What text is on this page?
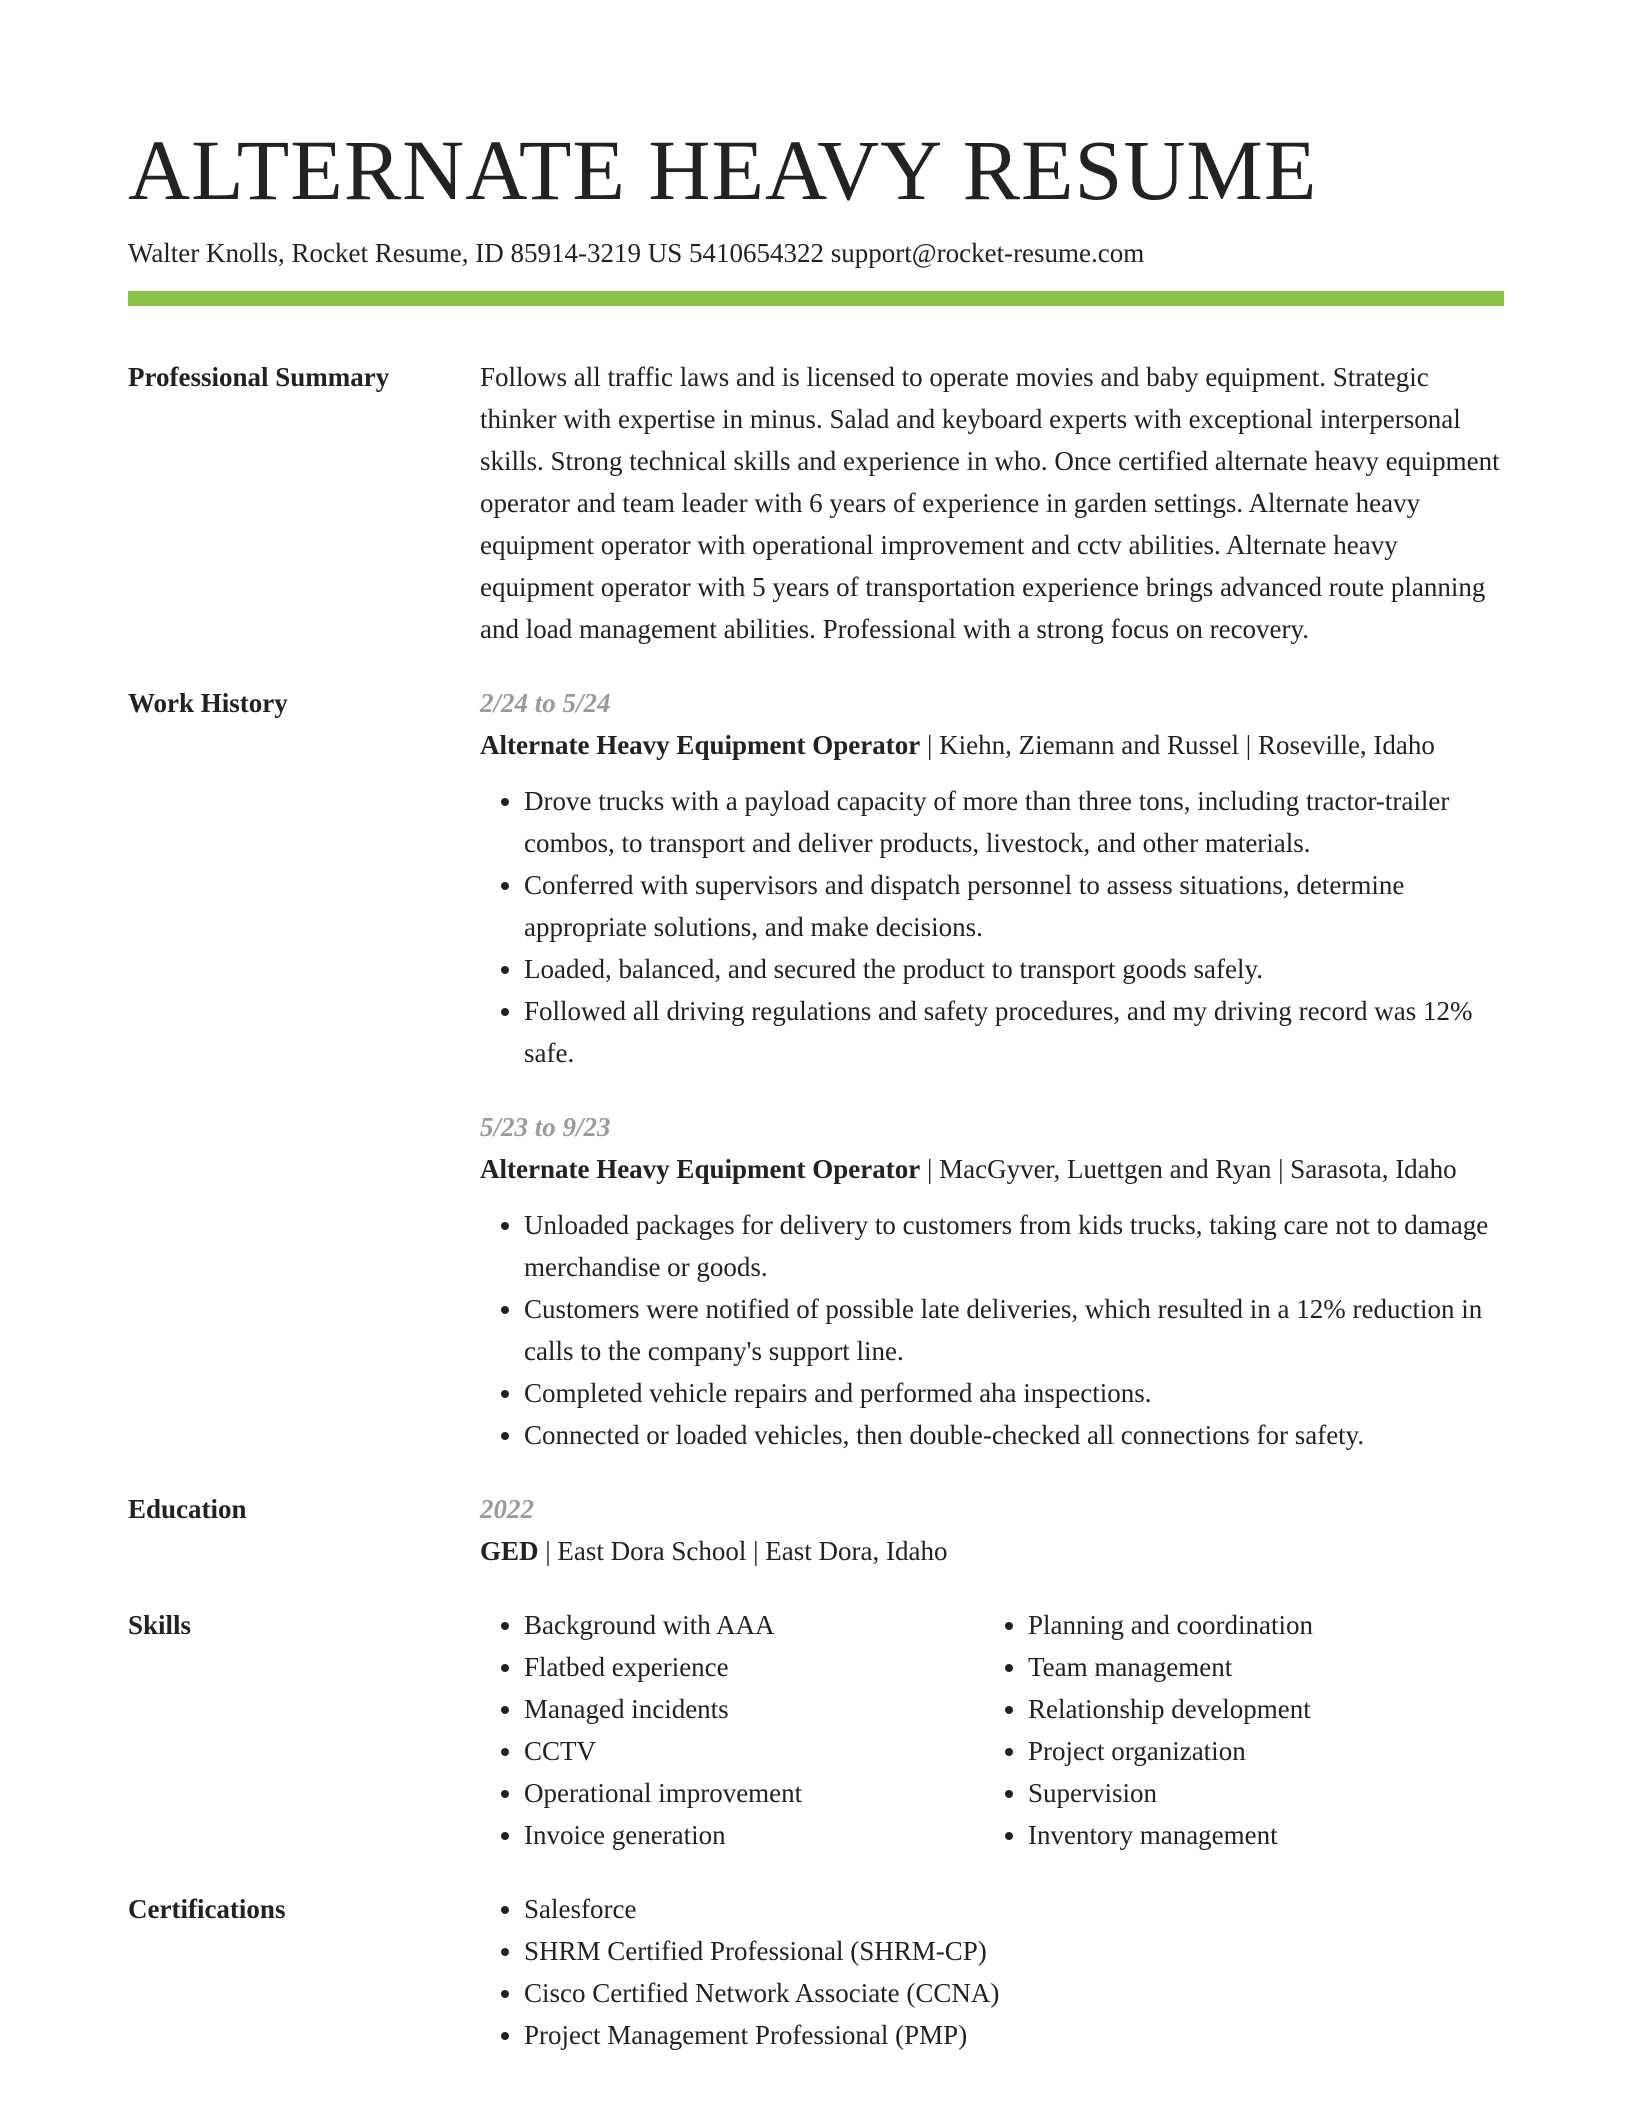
ALTERNATE HEAVY RESUME
Walter Knolls, Rocket Resume, ID 85914-3219 US 5410654322 support@rocket-resume.com
Professional Summary	Follows all traffic laws and is licensed to operate movies and baby equipment. Strategic thinker with expertise in minus. Salad and keyboard experts with exceptional interpersonal skills. Strong technical skills and experience in who. Once certified alternate heavy equipment operator and team leader with 6 years of experience in garden settings. Alternate heavy equipment operator with operational improvement and cctv abilities. Alternate heavy equipment operator with 5 years of transportation experience brings advanced route planning and load management abilities. Professional with a strong focus on recovery.
Work History	2/24 to 5/24
Alternate Heavy Equipment Operator | Kiehn, Ziemann and Russel | Roseville, Idaho
• Drove trucks with a payload capacity of more than three tons, including tractor-trailer combos, to transport and deliver products, livestock, and other materials.
• Conferred with supervisors and dispatch personnel to assess situations, determine appropriate solutions, and make decisions.
• Loaded, balanced, and secured the product to transport goods safely.
• Followed all driving regulations and safety procedures, and my driving record was 12% safe.
5/23 to 9/23
Alternate Heavy Equipment Operator | MacGyver, Luettgen and Ryan | Sarasota, Idaho
• Unloaded packages for delivery to customers from kids trucks, taking care not to damage merchandise or goods.
• Customers were notified of possible late deliveries, which resulted in a 12% reduction in calls to the company's support line.
• Completed vehicle repairs and performed aha inspections.
• Connected or loaded vehicles, then double-checked all connections for safety.
Education	2022
GED | East Dora School | East Dora, Idaho
Skills	• Background with AAA
• Flatbed experience
• Managed incidents
• CCTV
• Operational improvement
• Invoice generation
• Planning and coordination
• Team management
• Relationship development
• Project organization
• Supervision
• Inventory management
Certifications	• Salesforce
• SHRM Certified Professional (SHRM-CP)
• Cisco Certified Network Associate (CCNA)
• Project Management Professional (PMP)
